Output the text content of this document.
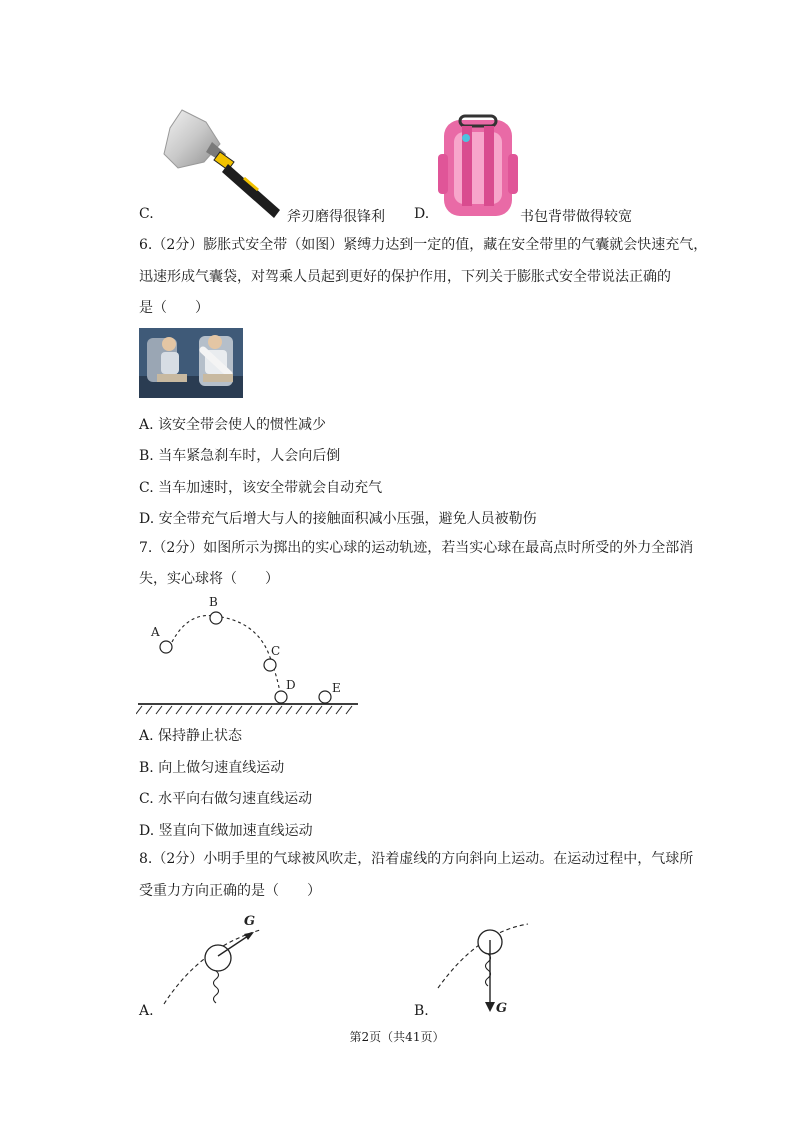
C.	斧刃磨得很锋利 D.	书包背带做得较宽
6.（2分）膨胀式安全带（如图）紧缚力达到一定的值，藏在安全带里的气囊就会快速充气，
迅速形成气囊袋，对驾乘人员起到更好的保护作用，下列关于膨胀式安全带说法正确的
是（　　）
A. 该安全带会使人的惯性减少
B. 当车紧急刹车时，人会向后倒
C. 当车加速时，该安全带就会自动充气
D. 安全带充气后增大与人的接触面积减小压强，避免人员被勒伤
7.（2分）如图所示为掷出的实心球的运动轨迹，若当实心球在最高点时所受的外力全部消
失，实心球将（　　）
A
B
C
D	E
A. 保持静止状态
B. 向上做匀速直线运动
C. 水平向右做匀速直线运动
D. 竖直向下做加速直线运动
8.（2分）小明手里的气球被风吹走，沿着虚线的方向斜向上运动。在运动过程中，气球所
受重力方向正确的是（　　）
G
A.	G
B.
第2页（共41页）
